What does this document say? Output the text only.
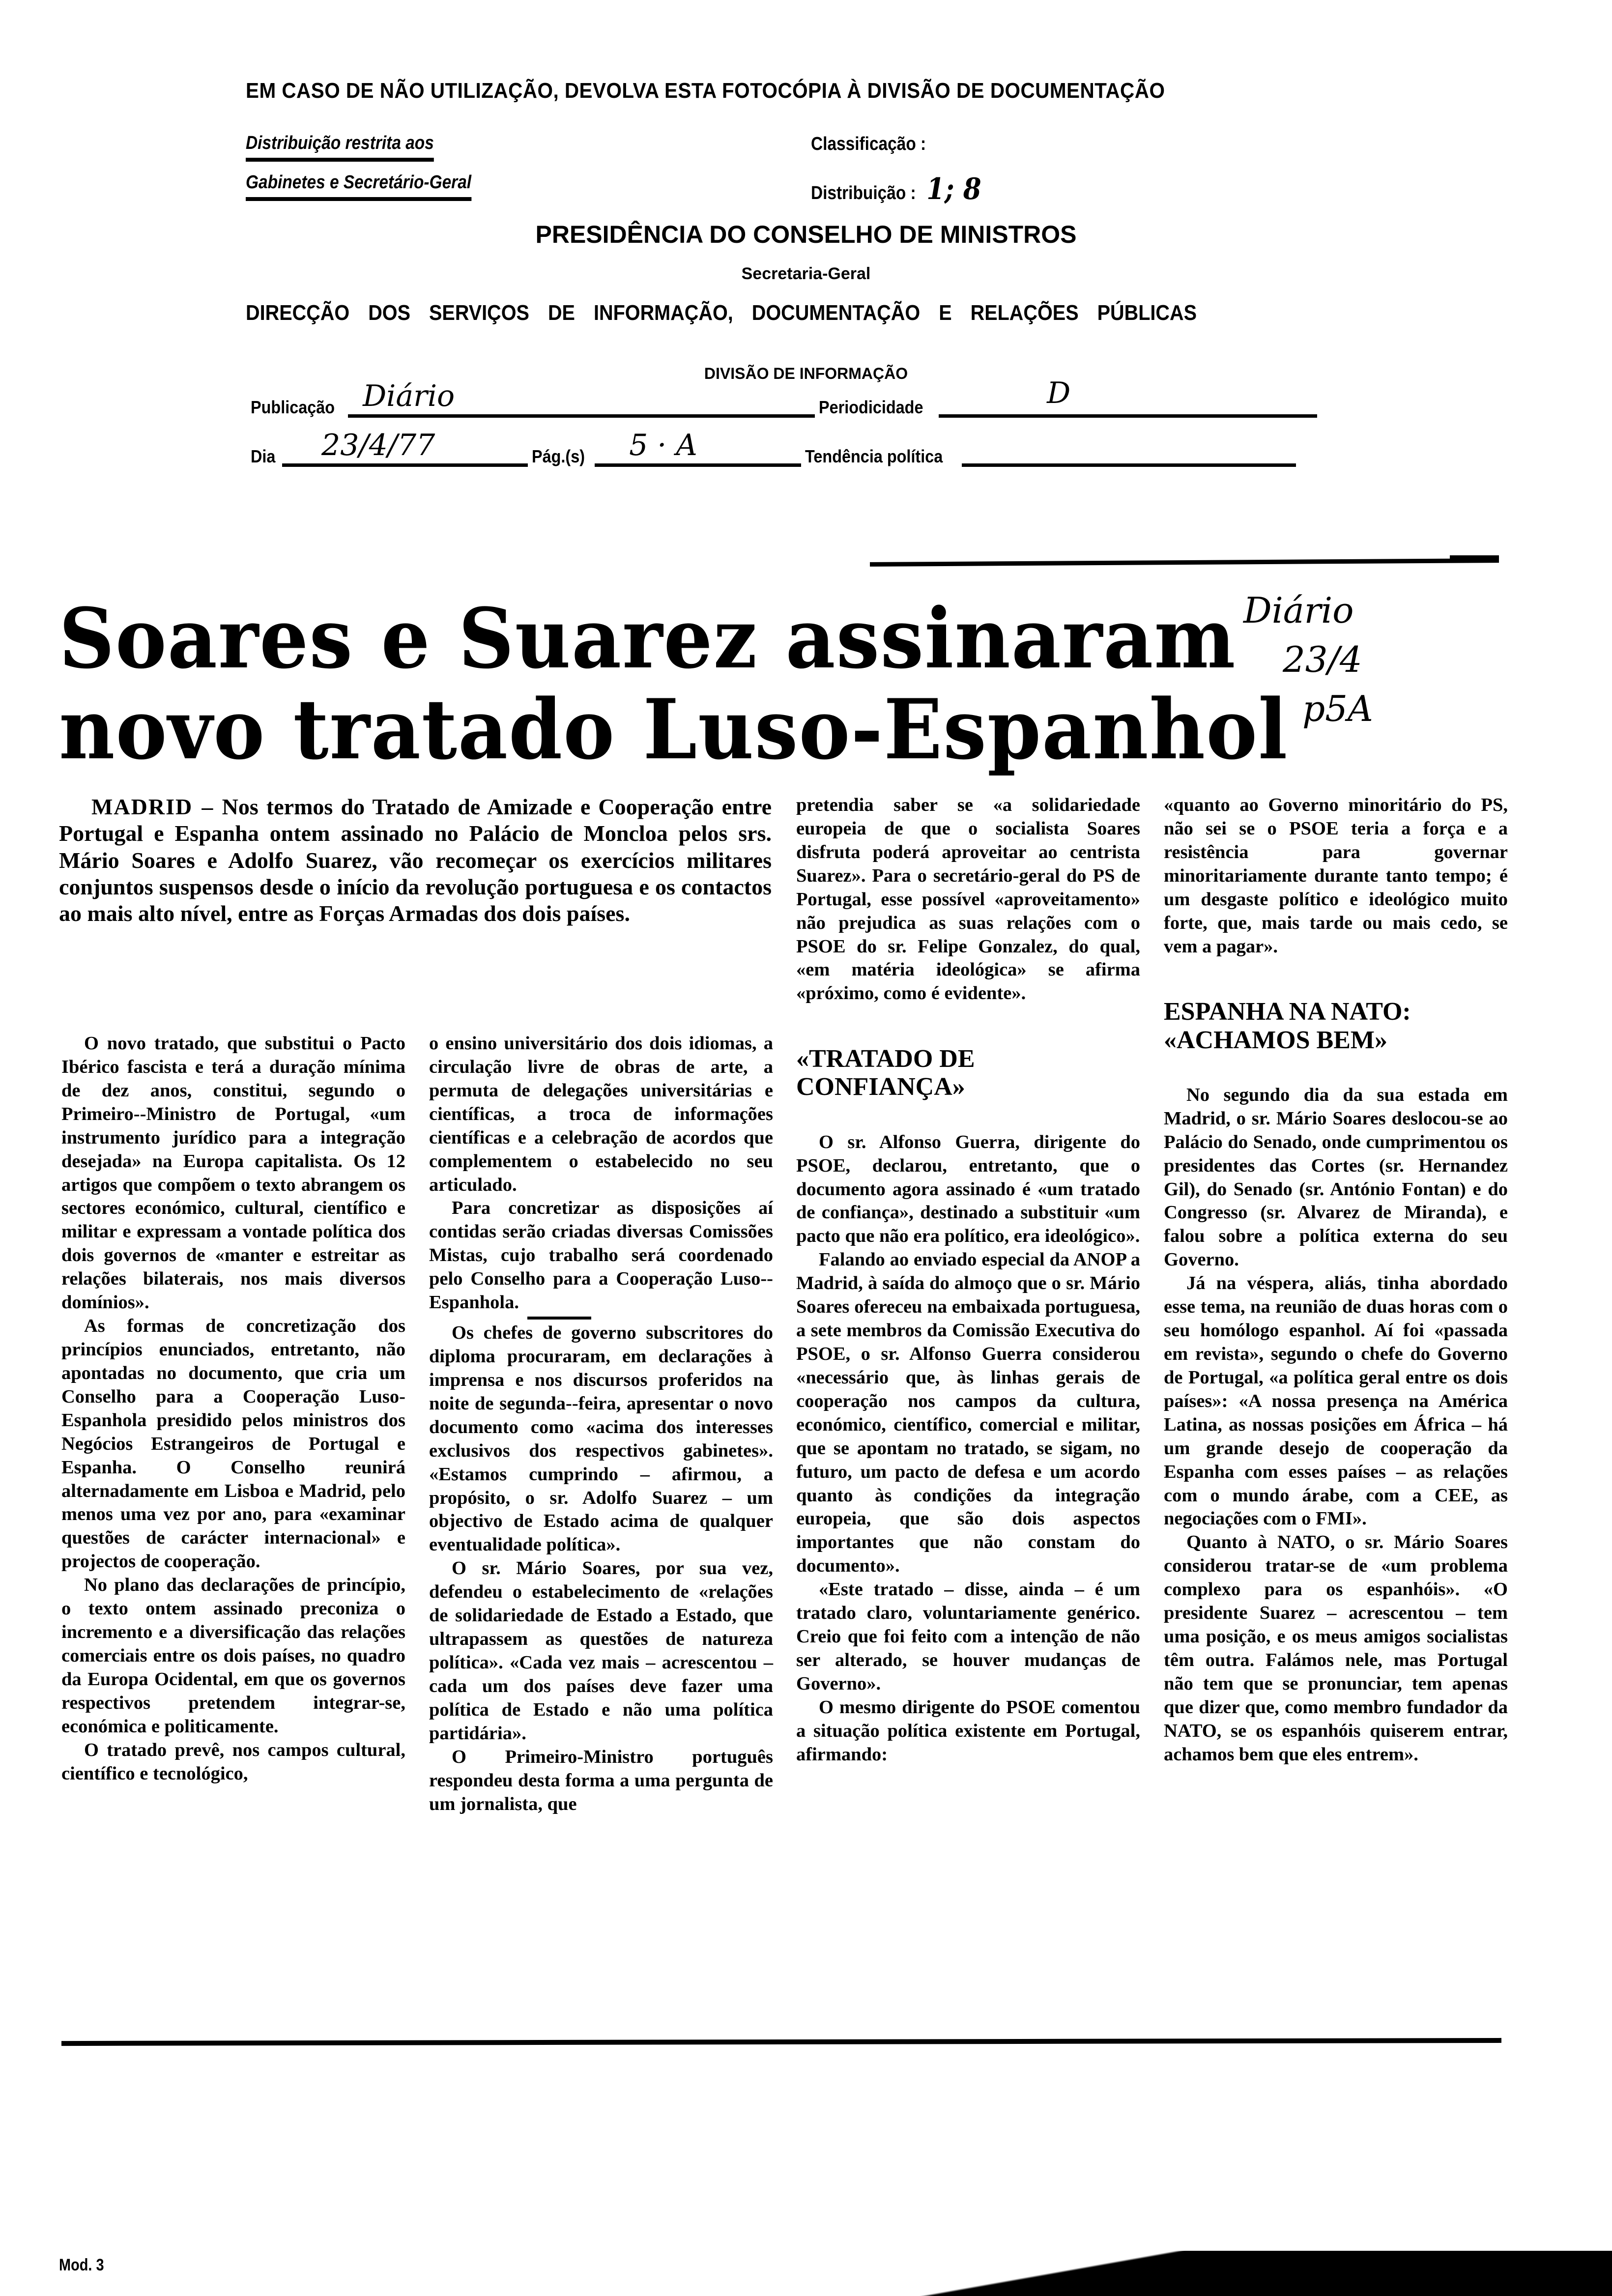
EM CASO DE NÃO UTILIZAÇÃO, DEVOLVA ESTA FOTOCÓPIA À DIVISÃO DE DOCUMENTAÇÃO
Distribuição restrita aos
Gabinetes e Secretário-Geral
Classificação :
Distribuição : 1; 8
PRESIDÊNCIA DO CONSELHO DE MINISTROS
Secretaria-Geral
DIRECÇÃO DOS SERVIÇOS DE INFORMAÇÃO, DOCUMENTAÇÃO E RELAÇÕES PÚBLICAS
DIVISÃO DE INFORMAÇÃO
Publicação Diário	Periodicidade	D
Dia 23/4/77	Pág.(s) 5 · A	Tendência política
Soares e Suarez assinaram
novo tratado Luso-Espanhol
Diário
23/4
p5A
MADRID – Nos termos do Tratado de Amizade e Cooperação entre Portugal e Espanha ontem assinado no Palácio de Moncloa pelos srs. Mário Soares e Adolfo Suarez, vão recomeçar os exercícios militares conjuntos suspensos desde o início da revolução portuguesa e os contactos ao mais alto nível, entre as Forças Armadas dos dois países.

O novo tratado, que substitui o Pacto Ibérico fascista e terá a duração mínima de dez anos, constitui, segundo o Primeiro--Ministro de Portugal, «um instrumento jurídico para a integração desejada» na Europa capitalista. Os 12 artigos que compõem o texto abrangem os sectores económico, cultural, científico e militar e expressam a vontade política dos dois governos de «manter e estreitar as relações bilaterais, nos mais diversos domínios».

As formas de concretização dos princípios enunciados, entretanto, não apontadas no documento, que cria um Conselho para a Cooperação Luso-Espanhola presidido pelos ministros dos Negócios Estrangeiros de Portugal e Espanha. O Conselho reunirá alternadamente em Lisboa e Madrid, pelo menos uma vez por ano, para «examinar questões de carácter internacional» e projectos de cooperação.

No plano das declarações de princípio, o texto ontem assinado preconiza o incremento e a diversificação das relações comerciais entre os dois países, no quadro da Europa Ocidental, em que os governos respectivos pretendem integrar-se, económica e politicamente.

O tratado prevê, nos campos cultural, científico e tecnológico,

o ensino universitário dos dois idiomas, a circulação livre de obras de arte, a permuta de delegações universitárias e científicas, a troca de informações científicas e a celebração de acordos que complementem o estabelecido no seu articulado.

Para concretizar as disposições aí contidas serão criadas diversas Comissões Mistas, cujo trabalho será coordenado pelo Conselho para a Cooperação Luso--Espanhola.

Os chefes de governo subscritores do diploma procuraram, em declarações à imprensa e nos discursos proferidos na noite de segunda--feira, apresentar o novo documento como «acima dos interesses exclusivos dos respectivos gabinetes». «Estamos cumprindo – afirmou, a propósito, o sr. Adolfo Suarez – um objectivo de Estado acima de qualquer eventualidade política».

O sr. Mário Soares, por sua vez, defendeu o estabelecimento de «relações de solidariedade de Estado a Estado, que ultrapassem as questões de natureza política». «Cada vez mais – acrescentou – cada um dos países deve fazer uma política de Estado e não uma política partidária».

O Primeiro-Ministro português respondeu desta forma a uma pergunta de um jornalista, que

pretendia saber se «a solidariedade europeia de que o socialista Soares disfruta poderá aproveitar ao centrista Suarez». Para o secretário-geral do PS de Portugal, esse possível «aproveitamento» não prejudica as suas relações com o PSOE do sr. Felipe Gonzalez, do qual, «em matéria ideológica» se afirma «próximo, como é evidente».

«TRATADO DE CONFIANÇA»

O sr. Alfonso Guerra, dirigente do PSOE, declarou, entretanto, que o documento agora assinado é «um tratado de confiança», destinado a substituir «um pacto que não era político, era ideológico».

Falando ao enviado especial da ANOP a Madrid, à saída do almoço que o sr. Mário Soares ofereceu na embaixada portuguesa, a sete membros da Comissão Executiva do PSOE, o sr. Alfonso Guerra considerou «necessário que, às linhas gerais de cooperação nos campos da cultura, económico, científico, comercial e militar, que se apontam no tratado, se sigam, no futuro, um pacto de defesa e um acordo quanto às condições da integração europeia, que são dois aspectos importantes que não constam do documento».

«Este tratado – disse, ainda – é um tratado claro, voluntariamente genérico. Creio que foi feito com a intenção de não ser alterado, se houver mudanças de Governo».

O mesmo dirigente do PSOE comentou a situação política existente em Portugal, afirmando:

«quanto ao Governo minoritário do PS, não sei se o PSOE teria a força e a resistência para governar minoritariamente durante tanto tempo; é um desgaste político e ideológico muito forte, que, mais tarde ou mais cedo, se vem a pagar».

ESPANHA NA NATO: «ACHAMOS BEM»

No segundo dia da sua estada em Madrid, o sr. Mário Soares deslocou-se ao Palácio do Senado, onde cumprimentou os presidentes das Cortes (sr. Hernandez Gil), do Senado (sr. António Fontan) e do Congresso (sr. Alvarez de Miranda), e falou sobre a política externa do seu Governo.

Já na véspera, aliás, tinha abordado esse tema, na reunião de duas horas com o seu homólogo espanhol. Aí foi «passada em revista», segundo o chefe do Governo de Portugal, «a política geral entre os dois países»: «A nossa presença na América Latina, as nossas posições em África – há um grande desejo de cooperação da Espanha com esses países – as relações com o mundo árabe, com a CEE, as negociações com o FMI».

Quanto à NATO, o sr. Mário Soares considerou tratar-se de «um problema complexo para os espanhóis». «O presidente Suarez – acrescentou – tem uma posição, e os meus amigos socialistas têm outra. Falámos nele, mas Portugal não tem que se pronunciar, tem apenas que dizer que, como membro fundador da NATO, se os espanhóis quiserem entrar, achamos bem que eles entrem».

Mod. 3
